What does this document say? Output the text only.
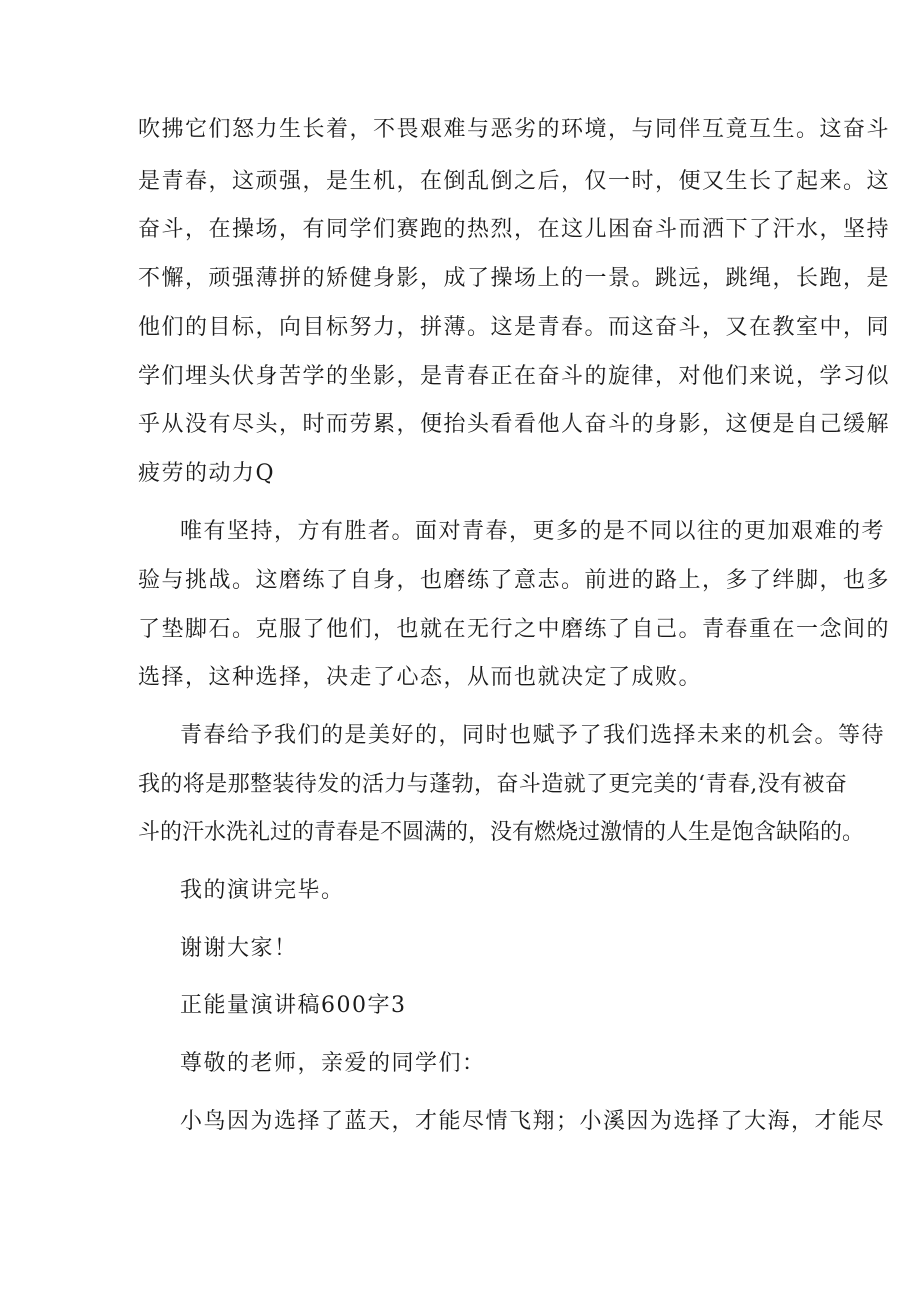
吹拂它们怒力生长着，不畏艰难与恶劣的环境，与同伴互竟互生。这奋斗
是青春，这顽强，是生机，在倒乱倒之后，仅一时，便又生长了起来。这
奋斗，在操场，有同学们赛跑的热烈，在这儿困奋斗而洒下了汗水，坚持
不懈，顽强薄拼的矫健身影，成了操场上的一景。跳远，跳绳，长跑，是
他们的目标，向目标努力，拼薄。这是青春。而这奋斗，又在教室中，同
学们埋头伏身苦学的坐影，是青春正在奋斗的旋律，对他们来说，学习似
乎从没有尽头，时而劳累，便抬头看看他人奋斗的身影，这便是自己缓解
疲劳的动力Q
唯有坚持，方有胜者。面对青春，更多的是不同以往的更加艰难的考
验与挑战。这磨练了自身，也磨练了意志。前进的路上，多了绊脚，也多
了垫脚石。克服了他们，也就在无行之中磨练了自己。青春重在一念间的
选择，这种选择，决走了心态，从而也就决定了成败。
青春给予我们的是美好的，同时也赋予了我们选择未来的机会。等待
我的将是那整装待发的活力与蓬勃，奋斗造就了更完美的‘青春,没有被奋
斗的汗水洗礼过的青春是不圆满的，没有燃烧过激情的人生是饱含缺陷的。
我的演讲完毕。
谢谢大家！
正能量演讲稿600字3
尊敬的老师，亲爱的同学们：
小鸟因为选择了蓝天，才能尽情飞翔；小溪因为选择了大海，才能尽
